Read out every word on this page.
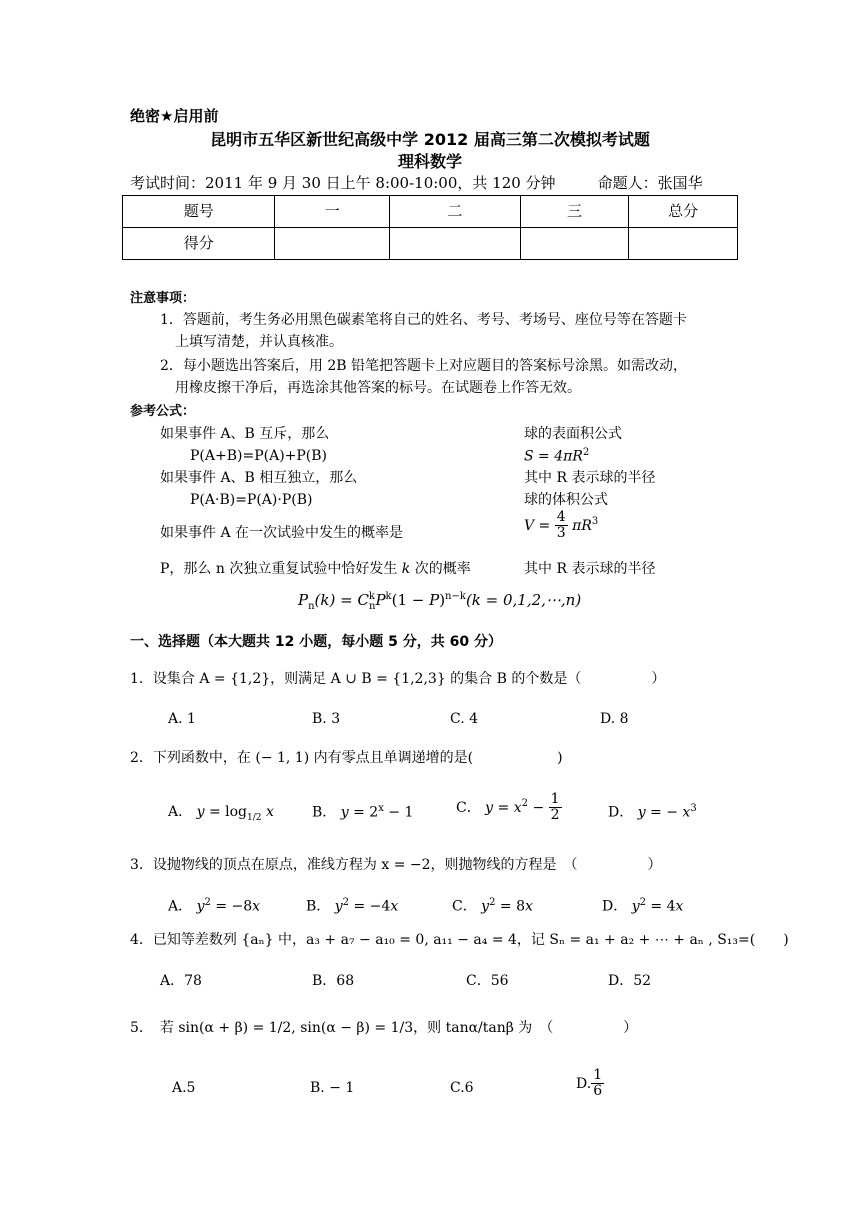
绝密★启用前
昆明市五华区新世纪高级中学 2012 届高三第二次模拟考试题
理科数学
考试时间：2011 年 9 月 30 日上午 8:00-10:00，共 120 分钟	命题人：张国华
题号	一	二	三	总分
得分				
注意事项：
1．答题前，考生务必用黑色碳素笔将自己的姓名、考号、考场号、座位号等在答题卡
上填写清楚，并认真核准。
2．每小题选出答案后，用 2B 铅笔把答题卡上对应题目的答案标号涂黑。如需改动，
用橡皮擦干净后，再选涂其他答案的标号。在试题卷上作答无效。
参考公式：
如果事件 A、B 互斥，那么
P(A+B)=P(A)+P(B)
如果事件 A、B 相互独立，那么
P(A·B)=P(A)·P(B)
如果事件 A 在一次试验中发生的概率是
P，那么 n 次独立重复试验中恰好发生 k 次的概率
球的表面积公式
$S = 4\pi R^2$
其中 R 表示球的半径
球的体积公式
$V = \frac{4}{3} \pi R^3$
其中 R 表示球的半径
$P_n(k) = C^k_nP^k(1 - P)^{n-k}(k$ = 0,1,2,⋯,n)
一、选择题（本大题共 12 小题，每小题 5 分，共 60 分）
1．设集合 A = {1,2}，则满足 A ∪ B = {1,2,3} 的集合 B 的个数是（　　　　　）
A. 1	B. 3	C. 4	D. 8
2．下列函数中，在 (− 1, 1) 内有零点且单调递增的是(　　　　　　)
A． $y = \log_{1/2} x$	B． $y = 2^x - 1$	C． $y = x^2 - \frac{1}{2}$	D． y = − $x^3$
3．设抛物线的顶点在原点，准线方程为 x = −2，则抛物线的方程是　（　　　　　）
A． $y^2 = -8x$	B． $y^2 = -4x$	C． $y^2 = 8x$	D． $y^2 = 4x$
4．已知等差数列 {aₙ} 中，a₃ + a₇ − a₁₀ = 0, a₁₁ − a₄ = 4，记 Sₙ = a₁ + a₂ + ⋯ + aₙ , S₁₃=(　　)
A．78	B．68	C．56	D．52
5．　若 sin(α + β) = 1/2, sin(α − β) = 1/3，则 tanα/tanβ 为　（　　　　　）
A.5	B. − 1	C.6	D. $\frac{1}{6}$
